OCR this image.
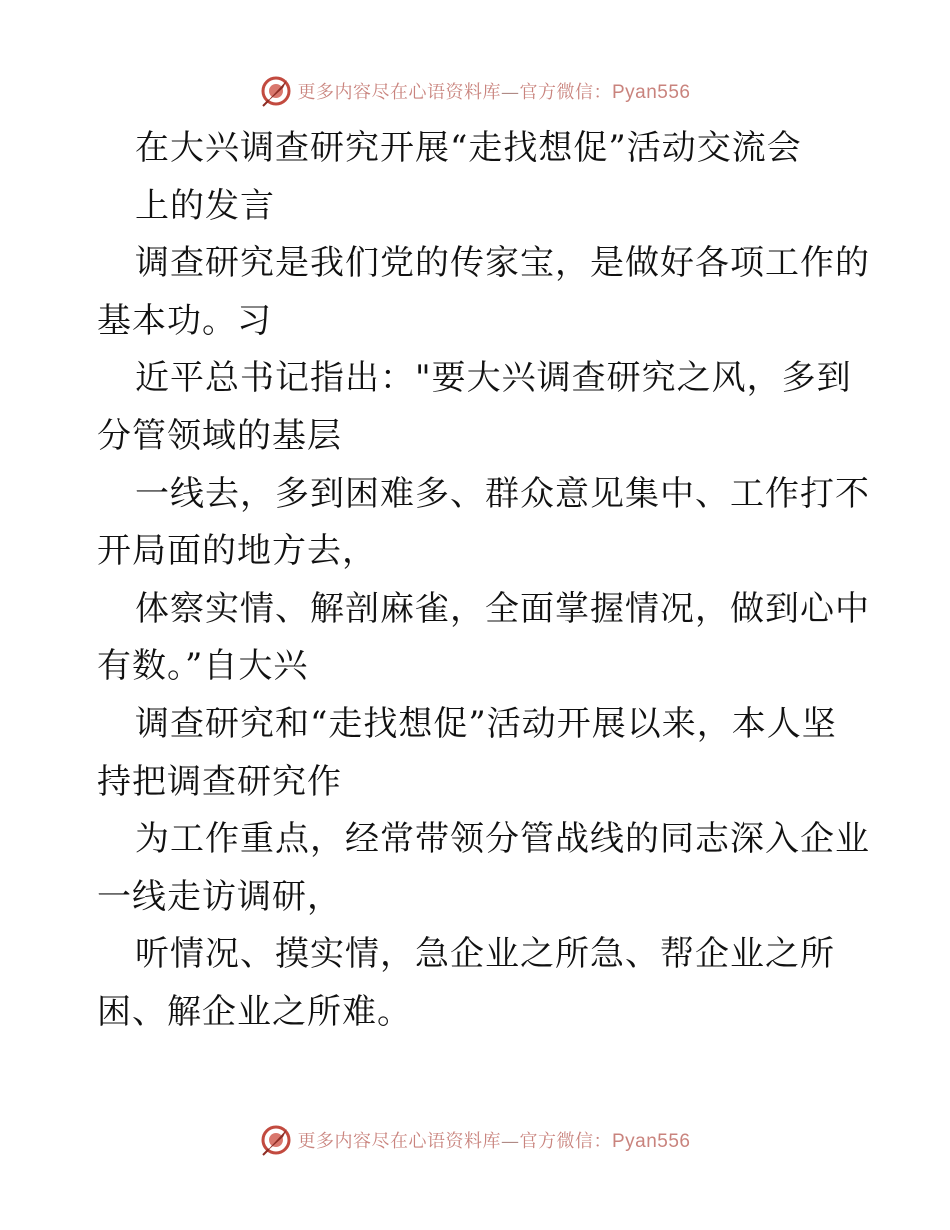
更多内容尽在心语资料库—官方微信：Pyan556
在大兴调查研究开展“走找想促”活动交流会
上的发言
调查研究是我们党的传家宝，是做好各项工作的
基本功。习
近平总书记指出："要大兴调查研究之风，多到
分管领域的基层
一线去，多到困难多、群众意见集中、工作打不
开局面的地方去，
体察实情、解剖麻雀，全面掌握情况，做到心中
有数。”自大兴
调查研究和“走找想促”活动开展以来，本人坚
持把调查研究作
为工作重点，经常带领分管战线的同志深入企业
一线走访调研，
听情况、摸实情，急企业之所急、帮企业之所
困、解企业之所难。
更多内容尽在心语资料库—官方微信：Pyan556
